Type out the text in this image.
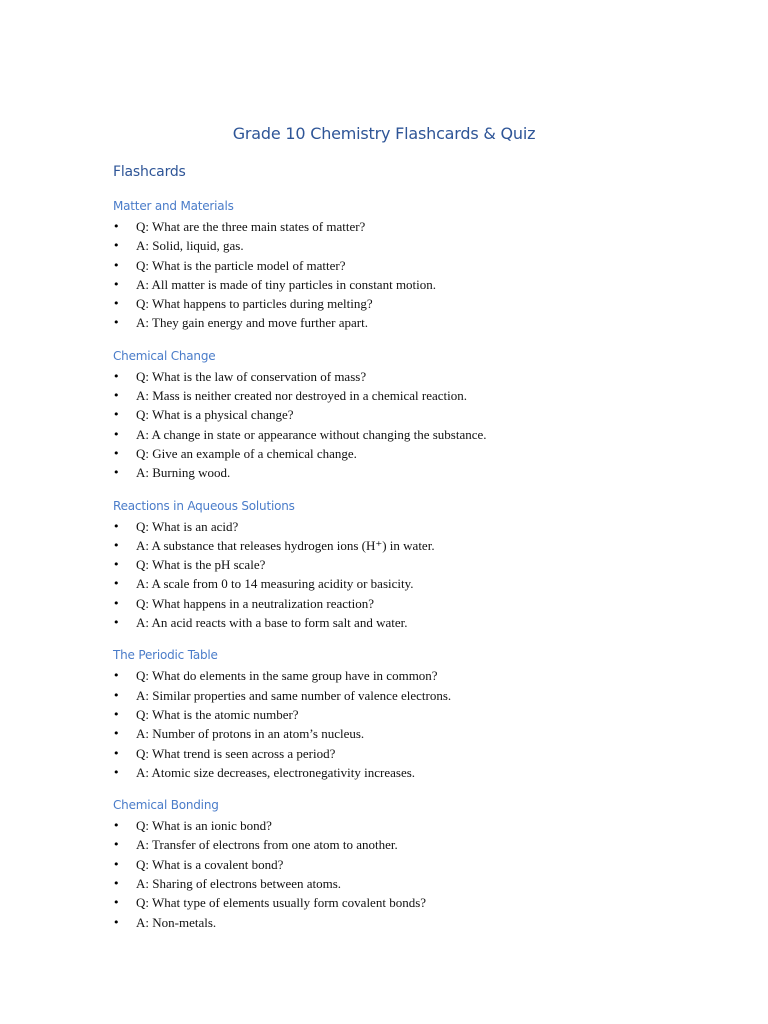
Grade 10 Chemistry Flashcards & Quiz
Flashcards
Matter and Materials
• Q: What are the three main states of matter?
• A: Solid, liquid, gas.
• Q: What is the particle model of matter?
• A: All matter is made of tiny particles in constant motion.
• Q: What happens to particles during melting?
• A: They gain energy and move further apart.
Chemical Change
• Q: What is the law of conservation of mass?
• A: Mass is neither created nor destroyed in a chemical reaction.
• Q: What is a physical change?
• A: A change in state or appearance without changing the substance.
• Q: Give an example of a chemical change.
• A: Burning wood.
Reactions in Aqueous Solutions
• Q: What is an acid?
• A: A substance that releases hydrogen ions (H⁺) in water.
• Q: What is the pH scale?
• A: A scale from 0 to 14 measuring acidity or basicity.
• Q: What happens in a neutralization reaction?
• A: An acid reacts with a base to form salt and water.
The Periodic Table
• Q: What do elements in the same group have in common?
• A: Similar properties and same number of valence electrons.
• Q: What is the atomic number?
• A: Number of protons in an atom’s nucleus.
• Q: What trend is seen across a period?
• A: Atomic size decreases, electronegativity increases.
Chemical Bonding
• Q: What is an ionic bond?
• A: Transfer of electrons from one atom to another.
• Q: What is a covalent bond?
• A: Sharing of electrons between atoms.
• Q: What type of elements usually form covalent bonds?
• A: Non-metals.
